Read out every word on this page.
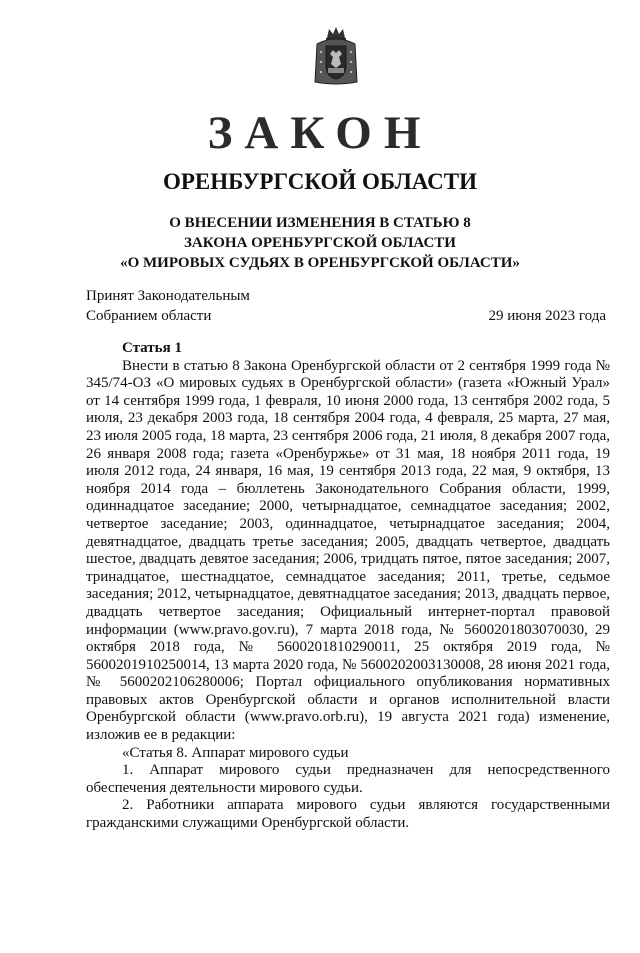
ЗАКОН
ОРЕНБУРГСКОЙ ОБЛАСТИ
О ВНЕСЕНИИ ИЗМЕНЕНИЯ В СТАТЬЮ 8
ЗАКОНА ОРЕНБУРГСКОЙ ОБЛАСТИ
«О МИРОВЫХ СУДЬЯХ В ОРЕНБУРГСКОЙ ОБЛАСТИ»
Принят Законодательным
Собранием области	29 июня 2023 года

Статья 1

Внести в статью 8 Закона Оренбургской области от 2 сентября 1999 года № 345/74-ОЗ «О мировых судьях в Оренбургской области» (газета «Южный Урал» от 14 сентября 1999 года, 1 февраля, 10 июня 2000 года, 13 сентября 2002 года, 5 июля, 23 декабря 2003 года, 18 сентября 2004 года, 4 февраля, 25 марта, 27 мая, 23 июля 2005 года, 18 марта, 23 сентября 2006 года, 21 июля, 8 декабря 2007 года, 26 января 2008 года; газета «Оренбуржье» от 31 мая, 18 ноября 2011 года, 19 июля 2012 года, 24 января, 16 мая, 19 сентября 2013 года, 22 мая, 9 октября, 13 ноября 2014 года – бюллетень Законодательного Собрания области, 1999, одиннадцатое заседание; 2000, четырнадцатое, семнадцатое заседания; 2002, четвертое заседание; 2003, одиннадцатое, четырнадцатое заседания; 2004, девятнадцатое, двадцать третье заседания; 2005, двадцать четвертое, двадцать шестое, двадцать девятое заседания; 2006, тридцать пятое, пятое заседания; 2007, тринадцатое, шестнадцатое, семнадцатое заседания; 2011, третье, седьмое заседания; 2012, четырнадцатое, девятнадцатое заседания; 2013, двадцать первое, двадцать четвертое заседания; Официальный интернет-портал правовой информации (www.pravo.gov.ru), 7 марта 2018 года, № 5600201803070030, 29 октября 2018 года, № 5600201810290011, 25 октября 2019 года, № 5600201910250014, 13 марта 2020 года, № 5600202003130008, 28 июня 2021 года, № 5600202106280006; Портал официального опубликования нормативных правовых актов Оренбургской области и органов исполнительной власти Оренбургской области (www.pravo.orb.ru), 19 августа 2021 года) изменение, изложив ее в редакции:

«Статья 8. Аппарат мирового судьи

1. Аппарат мирового судьи предназначен для непосредственного обеспечения деятельности мирового судьи.

2. Работники аппарата мирового судьи являются государственными гражданскими служащими Оренбургской области.
